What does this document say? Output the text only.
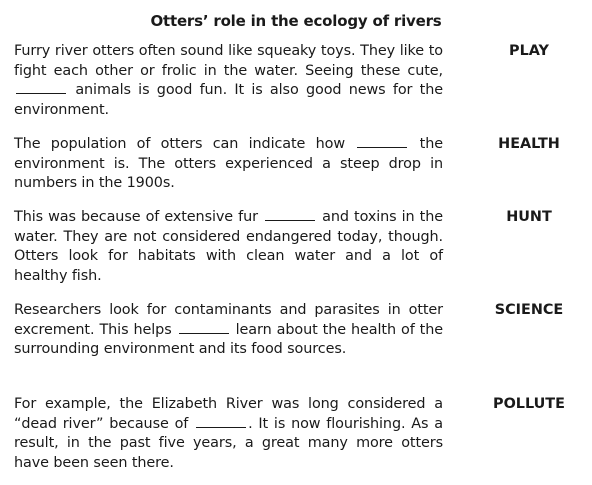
Otters’ role in the ecology of rivers
Furry river otters often sound like squeaky toys. They like to fight each other or frolic in the water. Seeing these cute,  animals is good fun. It is also good news for the environment.
PLAY
The population of otters can indicate how	the environment is. The otters experienced a steep drop in numbers in the 1900s.
HEALTH
This was because of extensive fur	and toxins in the water. They are not considered endangered today, though. Otters look for habitats with clean water and a lot of healthy fish.
HUNT
Researchers look for contaminants and parasites in otter excrement. This helps	learn about the health of the surrounding environment and its food sources.
SCIENCE
For example, the Elizabeth River was long considered a “dead river” because of	. It is now flourishing. As a result, in the past five years, a great many more otters have been seen there.
POLLUTE
